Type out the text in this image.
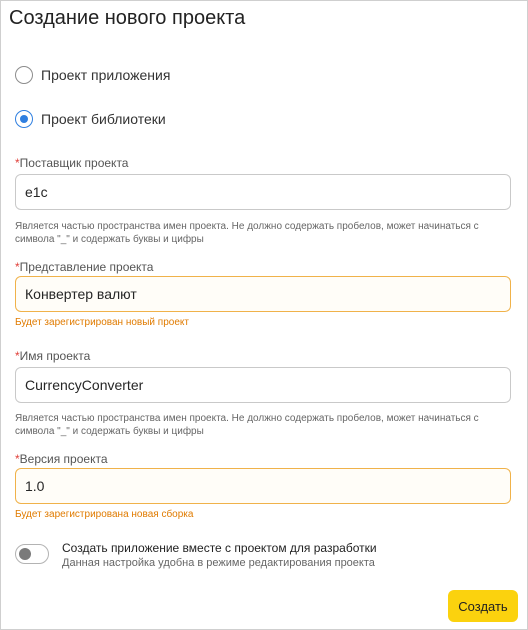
Создание нового проекта
Проект приложения
Проект библиотеки
*Поставщик проекта
e1c
Является частью пространства имен проекта. Не должно содержать пробелов, может начинаться с символа "_" и содержать буквы и цифры
*Представление проекта
Конвертер валют
Будет зарегистрирован новый проект
*Имя проекта
CurrencyConverter
Является частью пространства имен проекта. Не должно содержать пробелов, может начинаться с символа "_" и содержать буквы и цифры
*Версия проекта
1.0
Будет зарегистрирована новая сборка
Создать приложение вместе с проектом для разработки
Данная настройка удобна в режиме редактирования проекта
Создать
